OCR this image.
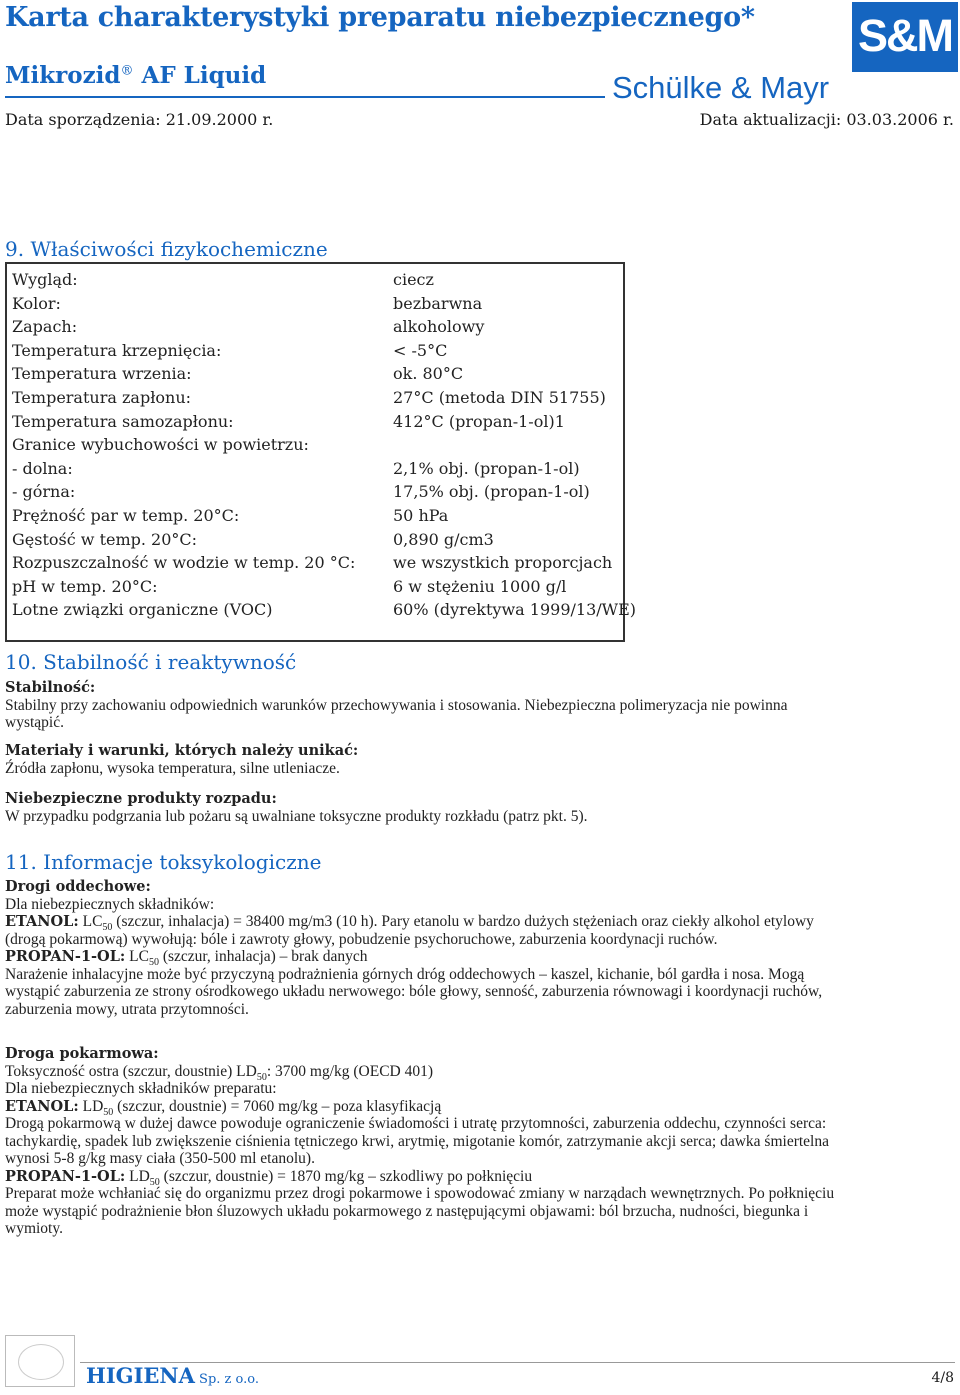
Karta charakterystyki preparatu niebezpiecznego* S&M
Mikrozid® AF Liquid	Schülke & Mayr
Data sporządzenia: 21.09.2000 r.	Data aktualizacji: 03.03.2006 r.
9. Właściwości fizykochemiczne
Wygląd:	ciecz
Kolor:	bezbarwna
Zapach:	alkoholowy
Temperatura krzepnięcia:	< -5°C
Temperatura wrzenia:	ok. 80°C
Temperatura zapłonu:	27°C (metoda DIN 51755)
Temperatura samozapłonu:	412°C (propan-1-ol)1
Granice wybuchowości w powietrzu:
- dolna:	2,1% obj. (propan-1-ol)
- górna:	17,5% obj. (propan-1-ol)
Prężność par w temp. 20°C:	50 hPa
Gęstość w temp. 20°C:	0,890 g/cm3
Rozpuszczalność w wodzie w temp. 20 °C: we wszystkich proporcjach
pH w temp. 20°C:	6 w stężeniu 1000 g/l
Lotne związki organiczne (VOC)	60% (dyrektywa 1999/13/WE)
10. Stabilność i reaktywność
Stabilność:
Stabilny przy zachowaniu odpowiednich warunków przechowywania i stosowania. Niebezpieczna polimeryzacja nie powinna
wystąpić.
Materiały i warunki, których należy unikać:
Źródła zapłonu, wysoka temperatura, silne utleniacze.
Niebezpieczne produkty rozpadu:
W przypadku podgrzania lub pożaru są uwalniane toksyczne produkty rozkładu (patrz pkt. 5).
11. Informacje toksykologiczne
Drogi oddechowe:
Dla niebezpiecznych składników:
ETANOL: $LC_{50}$ (szczur, inhalacja) = 38400 mg/m3 (10 h). Pary etanolu w bardzo dużych stężeniach oraz ciekły alkohol etylowy
(drogą pokarmową) wywołują: bóle i zawroty głowy, pobudzenie psychoruchowe, zaburzenia koordynacji ruchów.
PROPAN-1-OL: $LC_{50}$ (szczur, inhalacja) – brak danych
Narażenie inhalacyjne może być przyczyną podrażnienia górnych dróg oddechowych – kaszel, kichanie, ból gardła i nosa. Mogą
wystąpić zaburzenia ze strony ośrodkowego układu nerwowego: bóle głowy, senność, zaburzenia równowagi i koordynacji ruchów,
zaburzenia mowy, utrata przytomności.
Droga pokarmowa:
Toksyczność ostra (szczur, doustnie) $LD_{50}$: 3700 mg/kg (OECD 401)
Dla niebezpiecznych składników preparatu:
ETANOL: $LD_{50}$ (szczur, doustnie) = 7060 mg/kg – poza klasyfikacją
Drogą pokarmową w dużej dawce powoduje ograniczenie świadomości i utratę przytomności, zaburzenia oddechu, czynności serca:
tachykardię, spadek lub zwiększenie ciśnienia tętniczego krwi, arytmię, migotanie komór, zatrzymanie akcji serca; dawka śmiertelna
wynosi 5-8 g/kg masy ciała (350-500 ml etanolu).
PROPAN-1-OL: $LD_{50}$ (szczur, doustnie) = 1870 mg/kg – szkodliwy po połknięciu
Preparat może wchłaniać się do organizmu przez drogi pokarmowe i spowodować zmiany w narządach wewnętrznych. Po połknięciu
może wystąpić podrażnienie błon śluzowych układu pokarmowego z następującymi objawami: ból brzucha, nudności, biegunka i
wymioty.
HIGIENA Sp. z o.o.	4/8
